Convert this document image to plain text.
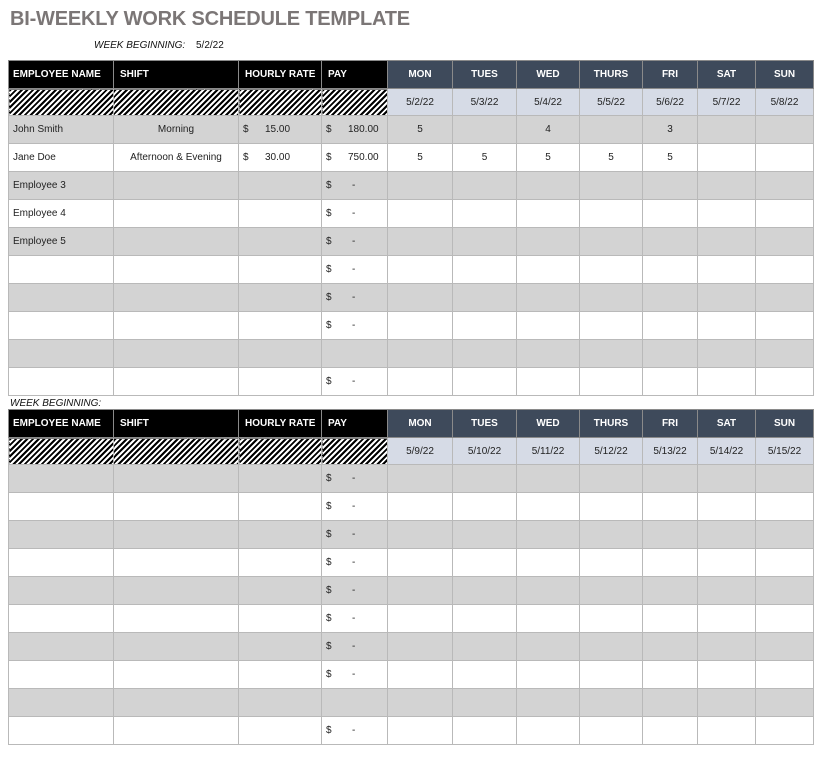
BI-WEEKLY WORK SCHEDULE TEMPLATE
WEEK BEGINNING: 5/2/22
EMPLOYEE NAME	SHIFT	HOURLY RATE	PAY	MON	TUES	WED	THURS	FRI	SAT	SUN
				5/2/22	5/3/22	5/4/22	5/5/22	5/6/22	5/7/22	5/8/22
John Smith	Morning	$ 15.00	$ 180.00	5		4		3		
Jane Doe	Afternoon & Evening	$ 30.00	$ 750.00	5	5	5	5	5		
Employee 3			$ -							
Employee 4			$ -							
Employee 5			$ -							
			$ -							
			$ -							
			$ -							

			$ -							
WEEK BEGINNING:
EMPLOYEE NAME	SHIFT	HOURLY RATE	PAY	MON	TUES	WED	THURS	FRI	SAT	SUN
				5/9/22	5/10/22	5/11/22	5/12/22	5/13/22	5/14/22	5/15/22
			$ -							
			$ -							
			$ -							
			$ -							
			$ -							
			$ -							
			$ -							
			$ -							

			$ -							
